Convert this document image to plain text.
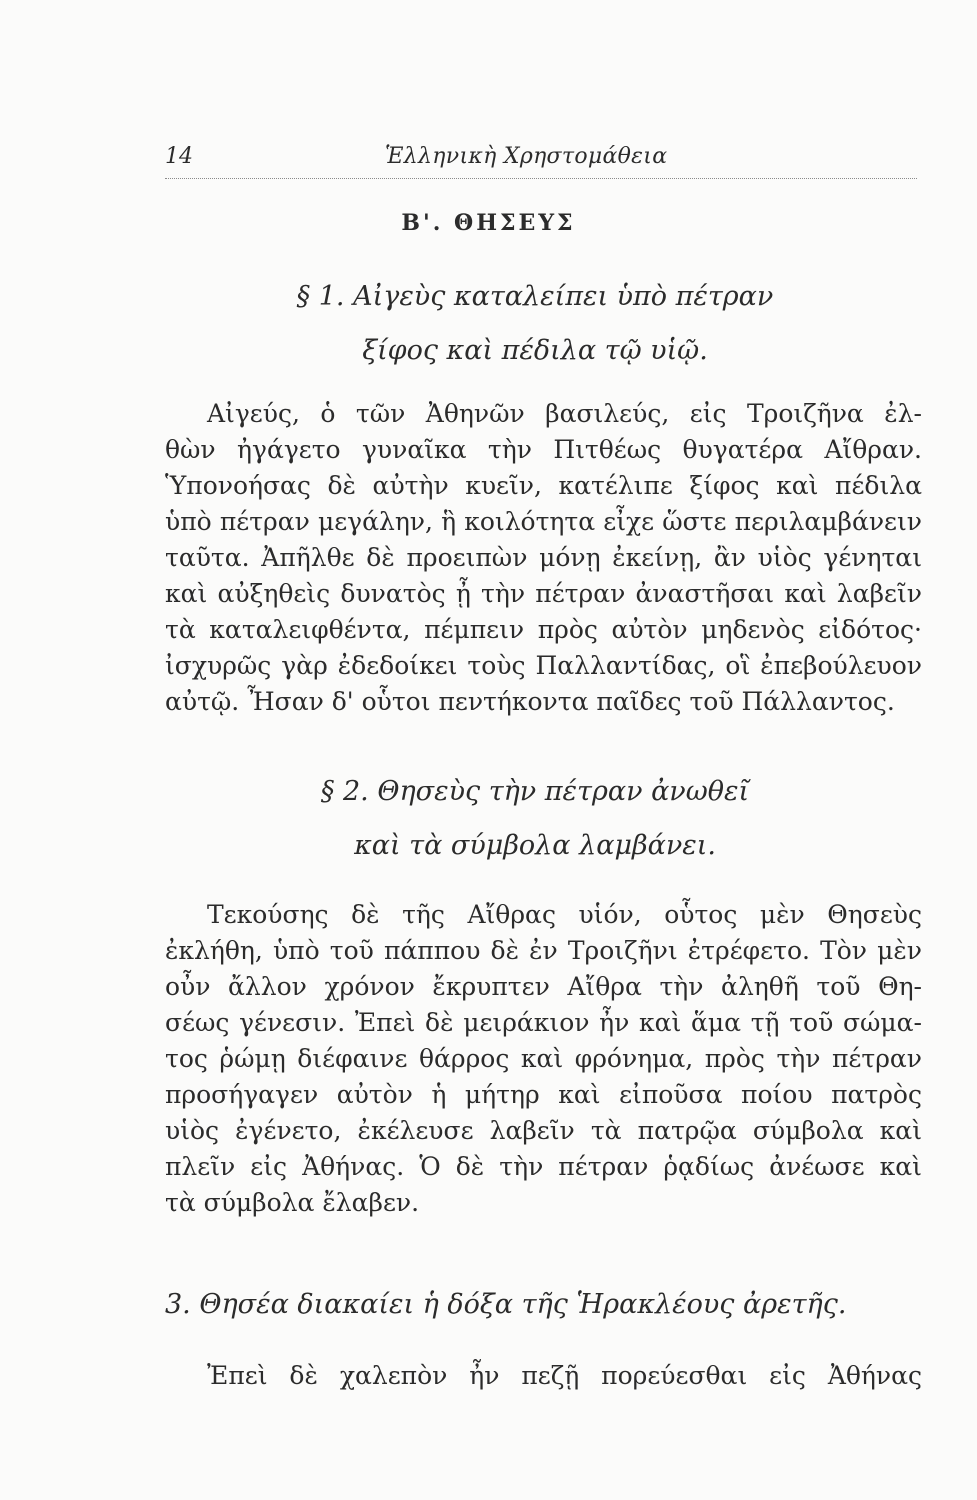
14	Ἑλληνικὴ Χρηστομάθεια
Β'. ΘΗΣΕΥΣ
§ 1. Αἰγεὺς καταλείπει ὑπὸ πέτραν
ξίφος καὶ πέδιλα τῷ υἱῷ.
Αἰγεύς, ὁ τῶν Ἀθηνῶν βασιλεύς, εἰς Τροιζῆνα ἐλ-
θὼν ἠγάγετο γυναῖκα τὴν Πιτθέως θυγατέρα Αἴθραν.
Ὑπονοήσας δὲ αὐτὴν κυεῖν, κατέλιπε ξίφος καὶ πέδιλα
ὑπὸ πέτραν μεγάλην, ἣ κοιλότητα εἶχε ὥστε περιλαμβάνειν
ταῦτα. Ἀπῆλθε δὲ προειπὼν μόνῃ ἐκείνῃ, ἂν υἱὸς γένηται
καὶ αὐξηθεὶς δυνατὸς ᾖ τὴν πέτραν ἀναστῆσαι καὶ λαβεῖν
τὰ καταλειφθέντα, πέμπειν πρὸς αὐτὸν μηδενὸς εἰδότος·
ἰσχυρῶς γὰρ ἐδεδοίκει τοὺς Παλλαντίδας, οἳ ἐπεβούλευον
αὐτῷ. Ἦσαν δ' οὗτοι πεντήκοντα παῖδες τοῦ Πάλλαντος.
§ 2. Θησεὺς τὴν πέτραν ἀνωθεῖ
καὶ τὰ σύμβολα λαμβάνει.
Τεκούσης δὲ τῆς Αἴθρας υἱόν, οὗτος μὲν Θησεὺς
ἐκλήθη, ὑπὸ τοῦ πάππου δὲ ἐν Τροιζῆνι ἐτρέφετο. Τὸν μὲν
οὖν ἄλλον χρόνον ἔκρυπτεν Αἴθρα τὴν ἀληθῆ τοῦ Θη-
σέως γένεσιν. Ἐπεὶ δὲ μειράκιον ἦν καὶ ἅμα τῇ τοῦ σώμα-
τος ῥώμῃ διέφαινε θάρρος καὶ φρόνημα, πρὸς τὴν πέτραν
προσήγαγεν αὐτὸν ἡ μήτηρ καὶ εἰποῦσα ποίου πατρὸς
υἱὸς ἐγένετο, ἐκέλευσε λαβεῖν τὰ πατρῷα σύμβολα καὶ
πλεῖν εἰς Ἀθήνας. Ὁ δὲ τὴν πέτραν ῥᾳδίως ἀνέωσε καὶ
τὰ σύμβολα ἔλαβεν.
3. Θησέα διακαίει ἡ δόξα τῆς Ἡρακλέους ἀρετῆς.
Ἐπεὶ δὲ χαλεπὸν ἦν πεζῇ πορεύεσθαι εἰς Ἀθήνας
